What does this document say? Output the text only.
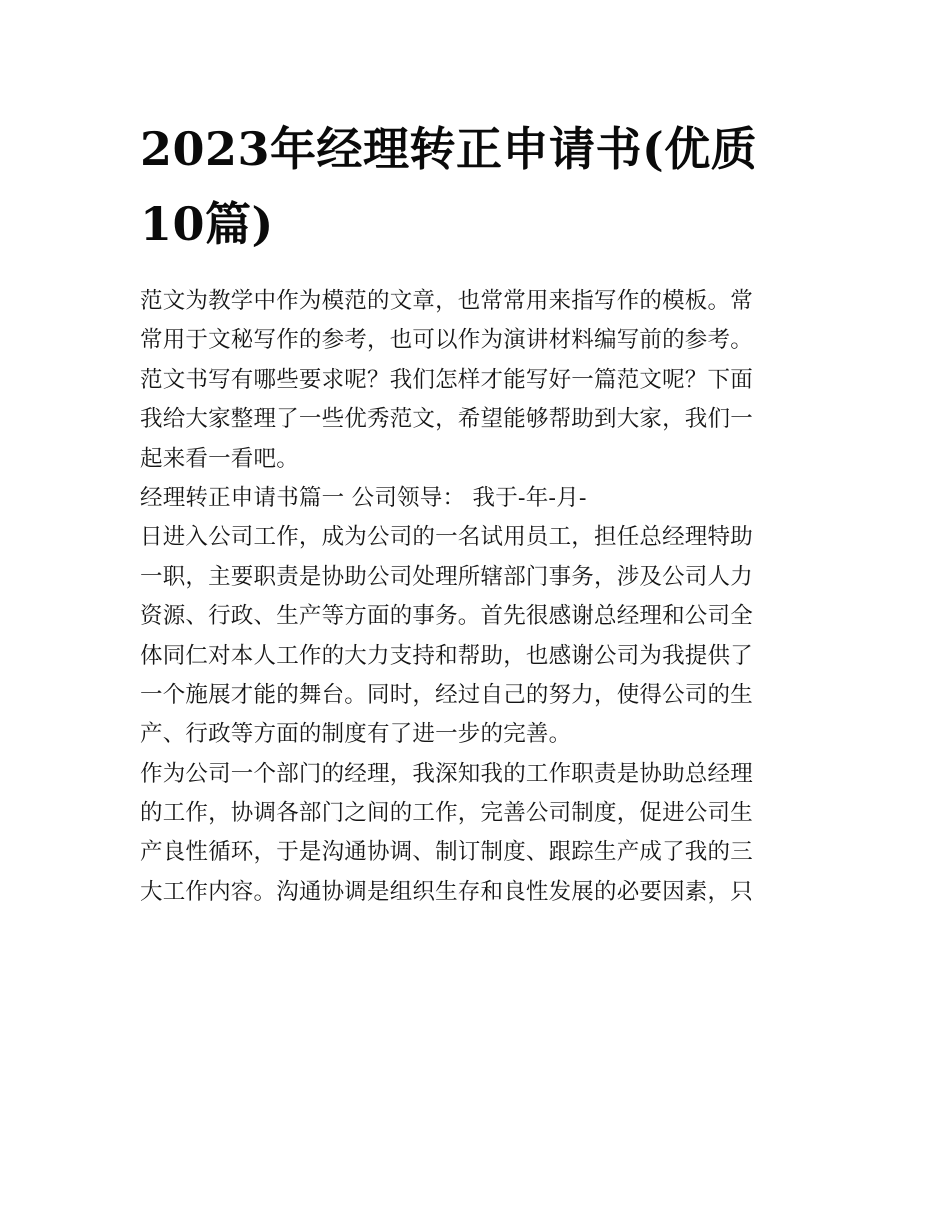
2023年经理转正申请书(优质
10篇)
范文为教学中作为模范的文章，也常常用来指写作的模板。常
常用于文秘写作的参考，也可以作为演讲材料编写前的参考。
范文书写有哪些要求呢？我们怎样才能写好一篇范文呢？下面
我给大家整理了一些优秀范文，希望能够帮助到大家，我们一
起来看一看吧。
经理转正申请书篇一 公司领导： 我于-年-月-
日进入公司工作，成为公司的一名试用员工，担任总经理特助
一职，主要职责是协助公司处理所辖部门事务，涉及公司人力
资源、行政、生产等方面的事务。首先很感谢总经理和公司全
体同仁对本人工作的大力支持和帮助，也感谢公司为我提供了
一个施展才能的舞台。同时，经过自己的努力，使得公司的生
产、行政等方面的制度有了进一步的完善。
作为公司一个部门的经理，我深知我的工作职责是协助总经理
的工作，协调各部门之间的工作，完善公司制度，促进公司生
产良性循环，于是沟通协调、制订制度、跟踪生产成了我的三
大工作内容。沟通协调是组织生存和良性发展的必要因素，只
